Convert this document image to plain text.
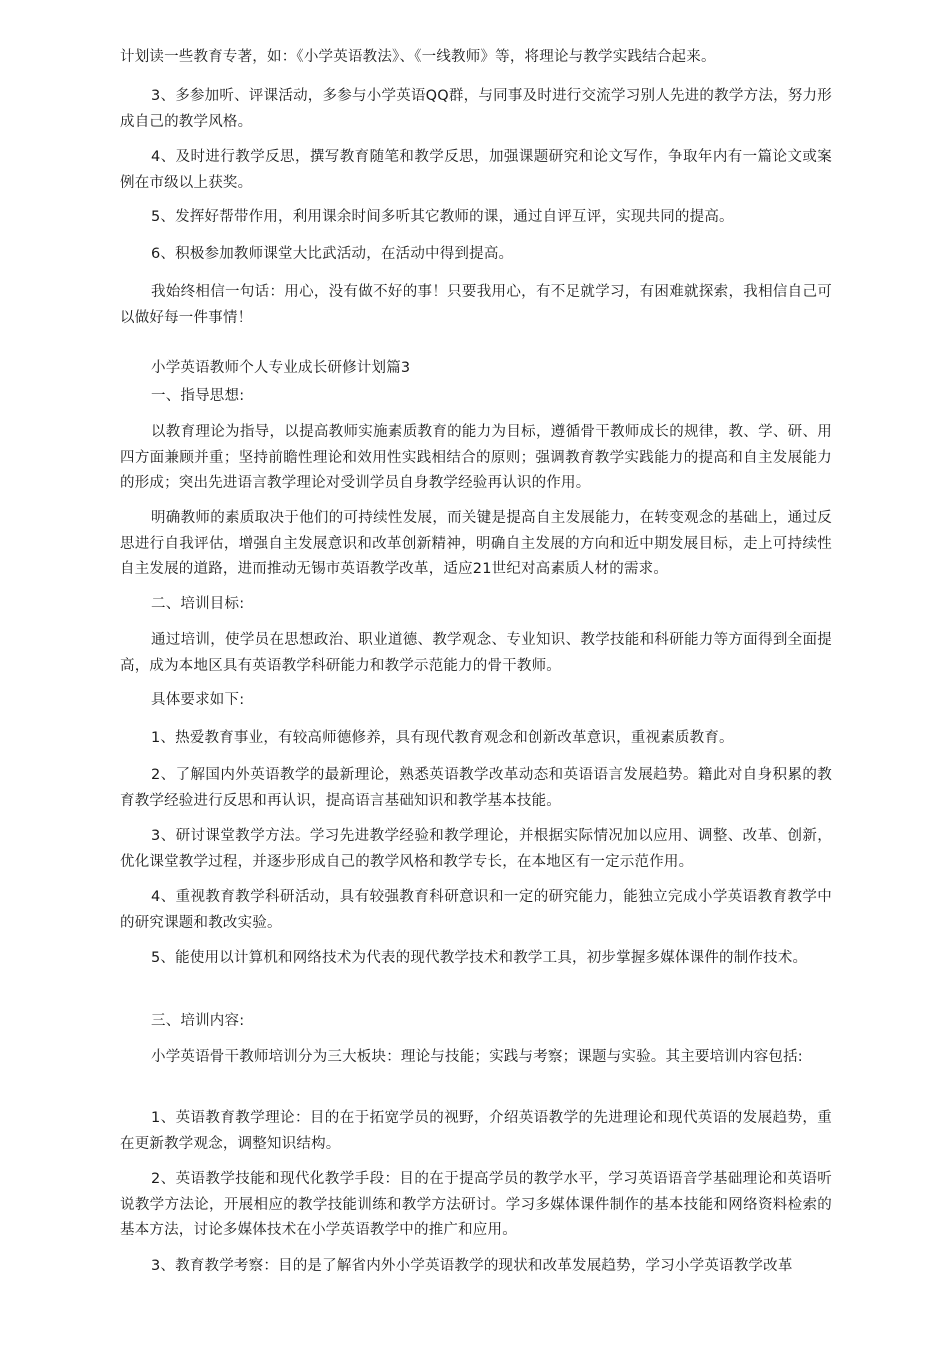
计划读一些教育专著，如：《小学英语教法》、《一线教师》等，将理论与教学实践结合起来。

3、多参加听、评课活动，多参与小学英语QQ群，与同事及时进行交流学习别人先进的教学方法，努力形成自己的教学风格。

4、及时进行教学反思，撰写教育随笔和教学反思，加强课题研究和论文写作，争取年内有一篇论文或案例在市级以上获奖。

5、发挥好帮带作用，利用课余时间多听其它教师的课，通过自评互评，实现共同的提高。

6、积极参加教师课堂大比武活动，在活动中得到提高。

我始终相信一句话：用心，没有做不好的事！只要我用心，有不足就学习，有困难就探索，我相信自己可以做好每一件事情！

小学英语教师个人专业成长研修计划篇3
一、指导思想:

以教育理论为指导，以提高教师实施素质教育的能力为目标，遵循骨干教师成长的规律，教、学、研、用四方面兼顾并重；坚持前瞻性理论和效用性实践相结合的原则；强调教育教学实践能力的提高和自主发展能力的形成；突出先进语言教学理论对受训学员自身教学经验再认识的作用。

明确教师的素质取决于他们的可持续性发展，而关键是提高自主发展能力，在转变观念的基础上，通过反思进行自我评估，增强自主发展意识和改革创新精神，明确自主发展的方向和近中期发展目标，走上可持续性自主发展的道路，进而推动无锡市英语教学改革，适应21世纪对高素质人材的需求。

二、培训目标:

通过培训，使学员在思想政治、职业道德、教学观念、专业知识、教学技能和科研能力等方面得到全面提高，成为本地区具有英语教学科研能力和教学示范能力的骨干教师。

具体要求如下:

1、热爱教育事业，有较高师德修养，具有现代教育观念和创新改革意识，重视素质教育。

2、了解国内外英语教学的最新理论，熟悉英语教学改革动态和英语语言发展趋势。籍此对自身积累的教育教学经验进行反思和再认识，提高语言基础知识和教学基本技能。

3、研讨课堂教学方法。学习先进教学经验和教学理论，并根据实际情况加以应用、调整、改革、创新，优化课堂教学过程，并逐步形成自己的教学风格和教学专长，在本地区有一定示范作用。

4、重视教育教学科研活动，具有较强教育科研意识和一定的研究能力，能独立完成小学英语教育教学中的研究课题和教改实验。

5、能使用以计算机和网络技术为代表的现代教学技术和教学工具，初步掌握多媒体课件的制作技术。

三、培训内容:

小学英语骨干教师培训分为三大板块：理论与技能；实践与考察；课题与实验。其主要培训内容包括:

1、英语教育教学理论：目的在于拓宽学员的视野，介绍英语教学的先进理论和现代英语的发展趋势，重在更新教学观念，调整知识结构。

2、英语教学技能和现代化教学手段：目的在于提高学员的教学水平，学习英语语音学基础理论和英语听说教学方法论，开展相应的教学技能训练和教学方法研讨。学习多媒体课件制作的基本技能和网络资料检索的基本方法，讨论多媒体技术在小学英语教学中的推广和应用。

3、教育教学考察：目的是了解省内外小学英语教学的现状和改革发展趋势，学习小学英语教学改革
